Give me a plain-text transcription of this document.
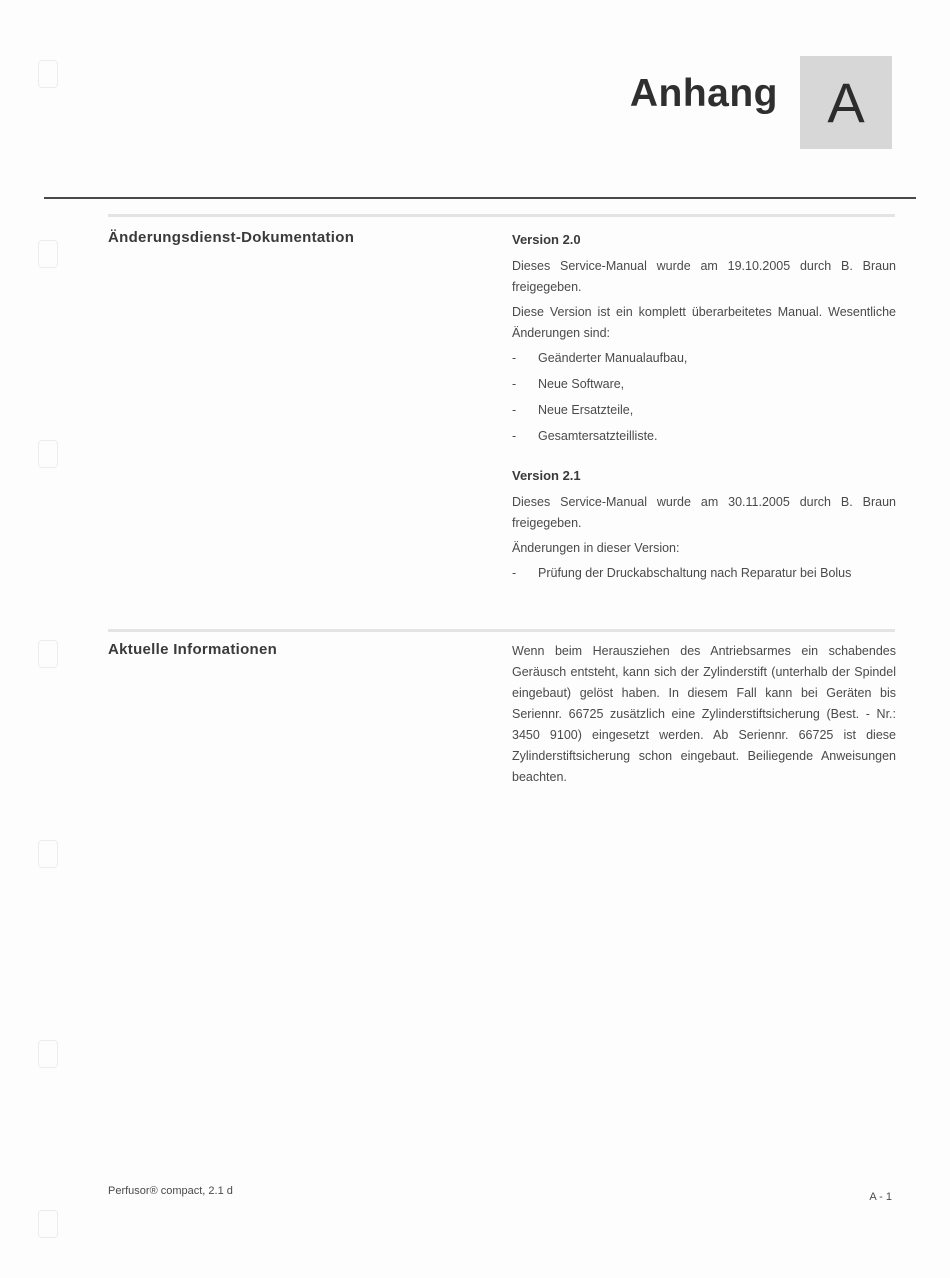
Anhang A
Änderungsdienst-Dokumentation	Version 2.0

Dieses Service-Manual wurde am 19.10.2005 durch B. Braun freigegeben.

Diese Version ist ein komplett überarbeitetes Manual. Wesentliche Änderungen sind:

- Geänderter Manualaufbau,
- Neue Software,
- Neue Ersatzteile,
- Gesamtersatzteilliste.
Version 2.1

Dieses Service-Manual wurde am 30.11.2005 durch B. Braun freigegeben.

Änderungen in dieser Version:

- Prüfung der Druckabschaltung nach Reparatur bei Bolus
Aktuelle Informationen	Wenn beim Herausziehen des Antriebsarmes ein schabendes Geräusch entsteht, kann sich der Zylinderstift (unterhalb der Spindel eingebaut) gelöst haben. In diesem Fall kann bei Geräten bis Seriennr. 66725 zusätzlich eine Zylinderstiftsicherung (Best. - Nr.: 3450 9100) eingesetzt werden. Ab Seriennr. 66725 ist diese Zylinderstiftsicherung schon eingebaut. Beiliegende Anweisungen beachten.

Perfusor® compact, 2.1 d	A - 1
